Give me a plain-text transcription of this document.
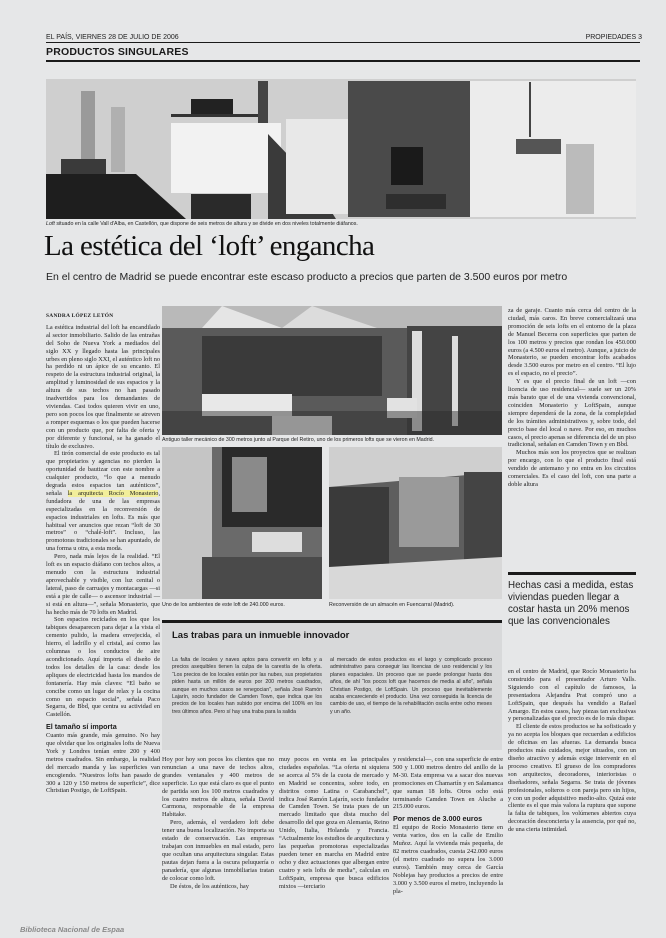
EL PAÍS, VIERNES 28 DE JULIO DE 2006	PROPIEDADES 3
PRODUCTOS SINGULARES
Loft situado en la calle Vall d'Alba, en Castellón, que dispone de seis metros de altura y se divide en dos niveles totalmente diáfanos.
La estética del ‘loft’ engancha
En el centro de Madrid se puede encontrar este escaso producto a precios que parten de 3.500 euros por metro
SANDRA LÓPEZ LETÓN

La estética industrial del loft ha encandilado al sector inmobiliario. Salido de las entrañas del Soho de Nueva York a mediados del siglo XX y llegado hasta las principales urbes en pleno siglo XXI, el auténtico loft no ha perdido ni un ápice de su encanto. El respeto de la estructura industrial original, la amplitud y luminosidad de sus espacios y la altura de sus techos no han pasado inadvertidos para los demandantes de viviendas. Casi todos quieren vivir en uno, pero son pocos los que finalmente se atreven a romper esquemas o los que pueden hacerse con un producto que, por falta de oferta y por diferente y funcional, se ha ganado el título de exclusivo.

El tirón comercial de este producto es tal que propietarios y agencias no pierden la oportunidad de bautizar con este nombre a cualquier producto, “lo que a menudo degrada estos espacios tan auténticos”, señala la arquitecta Rocío Monasterio, fundadora de una de las empresas especializadas en la reconversión de espacios industriales en lofts. Es más que habitual ver anuncios que rezan “loft de 30 metros” o “chalé-loft”. Incluso, las promotoras tradicionales se han apuntado, de una forma u otra, a esta moda.

Pero, nada más lejos de la realidad. “El loft es un espacio diáfano con techos altos, a menudo con la estructura industrial aprovechable y visible, con luz cenital o lateral, paso de carruajes y montacargas —si está a pie de calle— o ascensor industrial —si está en altura—”, señala Monasterio, que ha hecho más de 70 lofts en Madrid.

Son espacios reciclados en los que los tabiques desaparecen para dejar a la vista el cemento pulido, la madera envejecida, el hierro, el ladrillo y el cristal, así como las columnas o los conductos de aire acondicionado. Aquí importa el diseño de todos los detalles de la casa: desde los apliques de electricidad hasta los mandos de fontanería. Hay más claves: “El baño se concibe como un lugar de relax y la cocina como un espacio social”, señala Paco Segarra, de Bbd, que centra su actividad en Castellón.

El tamaño sí importa

Cuanto más grande, más genuino. No hay que olvidar que los originales lofts de Nueva York y Londres tenían entre 200 y 400 metros cuadrados. Sin embargo, la realidad del mercado manda y las superficies van encogiendo. “Nuestros lofts han pasado de 300 a 120 y 150 metros de superficie”, dice Christian Postigo, de LoftSpain.

Antiguo taller mecánico de 300 metros junto al Parque del Retiro, uno de los primeros lofts que se vieron en Madrid.
Uno de los ambientes de este loft de 240.000 euros.	Reconversión de un almacén en Fuencarral (Madrid).
Las trabas para un inmueble innovador
La falta de locales y naves aptos para convertir en lofts y a precios asequibles tienen la culpa de la carestía de la oferta. “Los precios de los locales están por las nubes, sus propietarios piden hasta un millón de euros por 200 metros cuadrados, aunque en muchos casos se renegocian”, señala José Ramón Lajarín, socio fundador de Camden Town, que indica que los precios de los locales han subido por encima del 100% en los tres últimos años. Pero sí hay una traba para la salida
al mercado de estos productos es el largo y complicado proceso administrativo para conseguir las licencias de uso residencial y los planes espaciales. Un proceso que se puede prolongar hasta dos años, de ahí “los pocos loft que hacemos de media al año”, señala Christian Postigo, de LoftSpain. Un proceso que inevitablemente acaba encareciendo el producto. Una vez conseguida la licencia de cambio de uso, el tiempo de la rehabilitación oscila entre ocho meses y un año.

Hoy por hoy son pocos los clientes que no renuncian a una nave de techos altos, grandes ventanales y 400 metros de superficie. Lo que está claro es que el punto de partida son los 100 metros cuadrados y los cuatro metros de altura, señala David Carmona, responsable de la empresa Habitake.

Pero, además, el verdadero loft debe tener una buena localización. No importa su estado de conservación. Las empresas trabajan con inmuebles en mal estado, pero que ocultan una arquitectura singular. Estas pautas dejan fuera a la oscura peluquería o panadería, que algunas inmobiliarias tratan de colocar como loft.

De éstos, de los auténticos, hay

muy pocos en venta en las principales ciudades españolas. “La oferta ni siquiera se acerca al 5% de la cuota de mercado y en Madrid se concentra, sobre todo, en distritos como Latina o Carabanchel”, indica José Ramón Lajarín, socio fundador de Camden Town. Se trata pues de un mercado limitado que dista mucho del desarrollo del que goza en Alemania, Reino Unido, Italia, Holanda y Francia. “Actualmente los estudios de arquitectura y las pequeñas promotoras especializadas pueden tener en marcha en Madrid entre ocho y diez actuaciones que albergan entre cuatro y seis lofts de media”, calculan en LoftSpain, empresa que busca edificios mixtos —terciario

y residencial—, con una superficie de entre 500 y 1.000 metros dentro del anillo de la M-30. Esta empresa va a sacar dos nuevas promociones en Chamartín y en Salamanca que suman 18 lofts. Otros ocho está terminando Camden Town en Aluche a 215.000 euros.

Por menos de 3.000 euros

El equipo de Rocío Monasterio tiene en venta varios, dos en la calle de Emilio Muñoz. Aquí la vivienda más pequeña, de 82 metros cuadrados, cuesta 242.000 euros (el metro cuadrado no supera los 3.000 euros). También muy cerca de García Noblejas hay productos a precios de entre 3.000 y 3.500 euros el metro, incluyendo la pla-

za de garaje. Cuanto más cerca del centro de la ciudad, más caros. En breve comercializará una promoción de seis lofts en el entorno de la plaza de Manuel Becerra con superficies que parten de los 100 metros y precios que rondan los 450.000 euros (a 4.500 euros el metro). Aunque, a juicio de Monasterio, se pueden encontrar lofts acabados desde 3.500 euros por metro en el centro. “El lujo es el espacio, no el precio”.

Y es que el precio final de un loft —con licencia de uso residencial— suele ser un 20% más barato que el de una vivienda convencional, coinciden Monasterio y LoftSpain, aunque siempre dependerá de la zona, de la complejidad de los trámites administrativos y, sobre todo, del precio base del local o nave. Por eso, en muchos casos, el precio apenas se diferencia del de un piso tradicional, señalan en Camden Town y en Bbd.

Muchos más son los proyectos que se realizan por encargo, con lo que el producto final está vendido de antemano y no entra en los circuitos comerciales. Es el caso del loft, con una parte a doble altura

Hechas casi a medida, estas viviendas pueden llegar a costar hasta un 20% menos que las convencionales

en el centro de Madrid, que Rocío Monasterio ha construido para el presentador Arturo Valls. Siguiendo con el capítulo de famosos, la presentadora Alejandra Prat compró uno a LoftSpain, que después ha vendido a Rafael Amargo. En estos casos, hay piezas tan exclusivas y personalizadas que el precio es de lo más dispar.

El cliente de estos productos se ha sofisticado y ya no acepta los bloques que recuerdan a edificios de oficinas en las afueras. La demanda busca productos más cuidados, mejor situados, con un diseño atractivo y además exige intervenir en el proceso creativo. El grueso de los compradores son arquitectos, decoradores, interioristas o diseñadores, señala Segarra. Se trata de jóvenes profesionales, solteros o con pareja pero sin hijos, y con un poder adquisitivo medio-alto. Quizá este cliente es el que más valora la ruptura que supone la falta de tabiques, los volúmenes abiertos cuya decoración desconcierta y la ausencia, por qué no, de una cierta intimidad.

Biblioteca Nacional de Espaa
